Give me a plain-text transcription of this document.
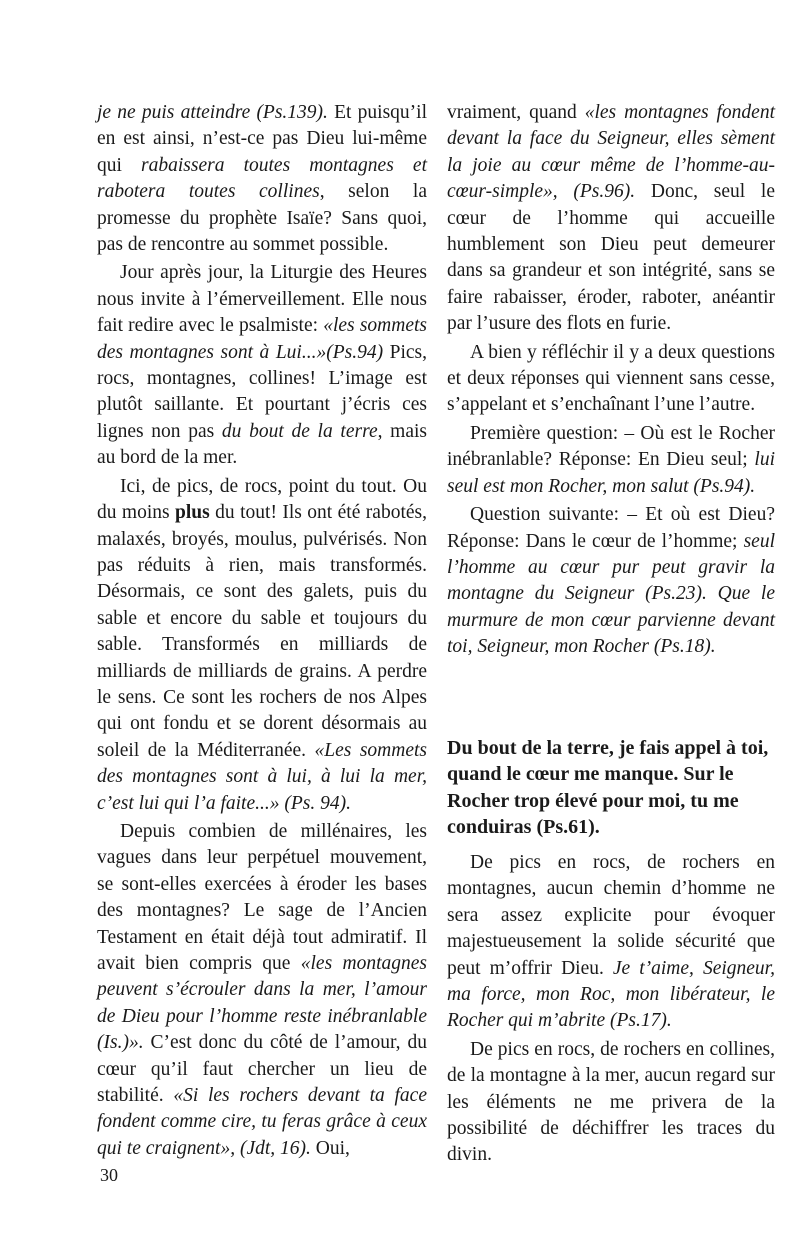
je ne puis atteindre (Ps.139). Et puisqu’il en est ainsi, n’est-ce pas Dieu lui-même qui rabaissera toutes montagnes et rabotera toutes collines, selon la promesse du prophète Isaïe? Sans quoi, pas de rencontre au sommet possible.

Jour après jour, la Liturgie des Heures nous invite à l’émerveillement. Elle nous fait redire avec le psalmiste: «les sommets des montagnes sont à Lui...»(Ps.94) Pics, rocs, montagnes, collines! L’image est plutôt saillante. Et pourtant j’écris ces lignes non pas du bout de la terre, mais au bord de la mer.

Ici, de pics, de rocs, point du tout. Ou du moins plus du tout! Ils ont été rabotés, malaxés, broyés, moulus, pulvérisés. Non pas réduits à rien, mais transformés. Désormais, ce sont des galets, puis du sable et encore du sable et toujours du sable. Transformés en milliards de milliards de milliards de grains. A perdre le sens. Ce sont les rochers de nos Alpes qui ont fondu et se dorent désormais au soleil de la Méditerranée. «Les sommets des montagnes sont à lui, à lui la mer, c’est lui qui l’a faite...» (Ps. 94).

Depuis combien de millénaires, les vagues dans leur perpétuel mouvement, se sont-elles exercées à éroder les bases des montagnes? Le sage de l’Ancien Testament en était déjà tout admiratif. Il avait bien compris que «les montagnes peuvent s’écrouler dans la mer, l’amour de Dieu pour l’homme reste inébranlable (Is.)». C’est donc du côté de l’amour, du cœur qu’il faut chercher un lieu de stabilité. «Si les rochers devant ta face fondent comme cire, tu feras grâce à ceux qui te craignent», (Jdt, 16). Oui,

vraiment, quand «les montagnes fondent devant la face du Seigneur, elles sèment la joie au cœur même de l’homme-au-cœur-simple», (Ps.96). Donc, seul le cœur de l’homme qui accueille humblement son Dieu peut demeurer dans sa grandeur et son intégrité, sans se faire rabaisser, éroder, raboter, anéantir par l’usure des flots en furie.

A bien y réfléchir il y a deux questions et deux réponses qui viennent sans cesse, s’appelant et s’enchaînant l’une l’autre.

Première question: – Où est le Rocher inébranlable? Réponse: En Dieu seul; lui seul est mon Rocher, mon salut (Ps.94).

Question suivante: – Et où est Dieu? Réponse: Dans le cœur de l’homme; seul l’homme au cœur pur peut gravir la montagne du Seigneur (Ps.23). Que le murmure de mon cœur parvienne devant toi, Seigneur, mon Rocher (Ps.18).

Du bout de la terre, je fais appel à toi, quand le cœur me manque. Sur le Rocher trop élevé pour moi, tu me conduiras (Ps.61).

De pics en rocs, de rochers en montagnes, aucun chemin d’homme ne sera assez explicite pour évoquer majestueusement la solide sécurité que peut m’offrir Dieu. Je t’aime, Seigneur, ma force, mon Roc, mon libérateur, le Rocher qui m’abrite (Ps.17).

De pics en rocs, de rochers en collines, de la montagne à la mer, aucun regard sur les éléments ne me privera de la possibilité de déchiffrer les traces du divin.

30
